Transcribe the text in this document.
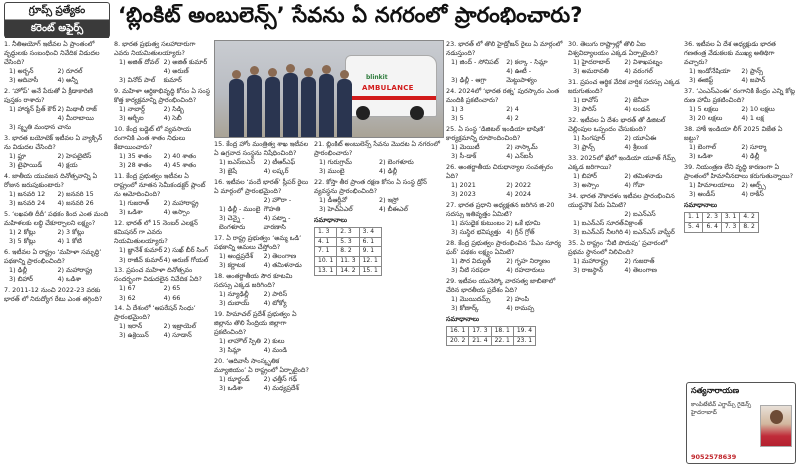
గ్రూప్స్ ప్రత్యేకం
కరెంట్ అఫైర్స్
‘బ్లింకిట్ అంబులెన్స్’ సేవను ఏ నగరంలో ప్రారంభించారు?

1. నీతిఆయోగ్ ఇటీవల ఏ ప్రాంతంలో వృద్ధులకు సంబంధించి నివేదిక విడుదల చేసింది?
1) అర్బన్	2) రూరల్3) ఆదివాసీ	4) అన్నీ

2. ‘హోప్’ అనే పేరుతో ఏ క్రీడాకారిణి పుస్తకం రాశారు?
1) హార్మన్ ప్రీత్ కౌర్2) మిథాలీ రాజ్3) స్మృతి మంధాన4) మీరాబాయి చాను

3. భారత బయోటెక్ ఇటీవల ఏ వ్యాక్సిన్ ను విడుదల చేసింది?
1) ఫ్లూ	2) హెపటైటిస్3) టైఫాయిడ్ 4) క్షయ

4. జాతీయ యువజన దినోత్సవాన్ని ఏ రోజున జరుపుకుంటారు?
1) జనవరి 12 2) జనవరి 153) జనవరి 24 4) జనవరి 26

5. ‘లఖపతి దీదీ’ పథకం కింద ఎంత మంది మహిళలకు లబ్ధి చేకూర్చాలని లక్ష్యం?
1) 2 కోట్లు	2) 3 కోట్లు3) 5 కోట్లు	4) 1 కోటి

6. ఇటీవల ఏ రాష్ట్రం ‘మహిళా సమృద్ధి’ పథకాన్ని ప్రారంభించింది?
1) ఢిల్లీ	2) మహారాష్ట్ర3) బిహార్	4) ఒడిశా

7. 2011-12 నుంచి 2022-23 వరకు భారత్ లో నిరుద్యోగ రేటు ఎంత తగ్గింది?

8. భారత ప్రభుత్వ సలహాదారుగా ఎవరు నియమితులయ్యారు?
1) అజిత్ దోవల్ 2) అజిత్ కుమార్3) వినోద్ పాల్4) అరుణ్ కుమార్

9. మహిళా ఆర్థికాభివృద్ధి కోసం ఏ సంస్థ కొత్త కార్యక్రమాన్ని ప్రారంభించింది?
1) నాబార్డ్	2) సిడ్బి3) ఆర్బీఐ	4) సెబీ

10. కేంద్ర బడ్జెట్ లో వ్యవసాయ రంగానికి ఎంత శాతం నిధులు కేటాయించారు?
1) 35 శాతం 2) 40 శాతం3) 28 శాతం 4) 45 శాతం

11. కేంద్ర ప్రభుత్వం ఇటీవల ఏ రాష్ట్రంలో నూతన సెమీకండక్టర్ ప్లాంట్ ను ఆమోదించింది?
1) గుజరాత్ 2) మహారాష్ట్ర3) ఒడిశా	4) అస్సాం

12. భారత్ లో 15 నెంబర్ ఎలక్షన్ కమిషనర్ గా ఎవరు నియమితులయ్యారు?
1) జ్ఞానేశ్ కుమార్2) సుఖ్ బీర్ సింగ్3) రాజీవ్ కుమార్4) అరుణ్ గోయల్

13. ప్రపంచ మహిళా దినోత్సవం సందర్భంగా విడుదలైన నివేదిక ఏది?
1) 67	2) 653) 62	4) 66

14. ఏ దేశంలో ‘ఆపరేషన్ సింధు’ ప్రారంభమైంది?
1) ఇరాన్	2) ఇజ్రాయెల్3) ఉక్రెయిన్ 4) సూడాన్

blinkit
AMBULANCE

15. కేంద్ర హోం మంత్రిత్వ శాఖ ఇటీవల ఏ ఉగ్రవాద సంస్థను నిషేధించింది?
1) ఐఎస్ఐఎస్ 2) టీఆర్ఎఫ్3) జైషే	4) లష్కర్

16. ఇటీవల ‘వందే భారత్’ స్లీపర్ రైలు ఏ మార్గంలో ప్రారంభమైంది?
1) ఢిల్లీ - ముంబై2) హౌరా - గౌహతి3) చెన్నై - బెంగళూరు4) పట్నా - వారణాసి

17. ఏ రాష్ట్ర ప్రభుత్వం ‘అమ్మ ఒడి’ పథకాన్ని అమలు చేస్తోంది?
1) ఆంధ్రప్రదేశ్ 2) తెలంగాణ3) కర్ణాటక	4) తమిళనాడు

18. అంతర్జాతీయ సౌర కూటమి సదస్సు ఎక్కడ జరిగింది?
1) న్యూఢిల్లీ 2) పారిస్3) దుబాయ్ 4) టోక్యో

19. హిమాచల్ ప్రదేశ్ ప్రభుత్వం ఏ జిల్లాను తొలి సేంద్రియ జిల్లాగా ప్రకటించింది?
1) లాహౌల్ స్పితి 2) కులు3) సిమ్లా	4) మండి

20. ‘ఆదివాసీ సాంస్కృతిక మ్యూజియం’ ఏ రాష్ట్రంలో ఏర్పాటైంది?
1) ఝార్ఖండ్ 2) ఛత్తీస్ గఢ్3) ఒడిశా	4) మధ్యప్రదేశ్

21. బ్లింకిట్ అంబులెన్స్ సేవను మొదట ఏ నగరంలో ప్రారంభించారు?
1) గురుగ్రామ్	2) బెంగళూరు3) ముంబై	4) ఢిల్లీ

22. కోస్తా తీర ప్రాంత రక్షణ కోసం ఏ సంస్థ డ్రోన్ వ్యవస్థను ప్రారంభించింది?
1) డీఆర్డీవో	2) ఇస్రో3) హెచ్ఏఎల్	4) బీఈఎల్

సమాధానాలు
1. 3	2. 3	3. 4
4. 1	5. 3	6. 1
7. 1	8. 2	9. 1
10. 1	11. 3	12. 1
13. 1	14. 2	15. 1

23. భారత్ లో తొలి హైడ్రోజన్ రైలు ఏ మార్గంలో నడుస్తుంది?
1) జింద్ - సోనిపట్ 2) కల్కా - సిమ్లా3) ఢిల్లీ - ఆగ్రా4) ఊటీ - మెట్టుపాళ్యం

24. 2024లో ‘భారత రత్న’ పురస్కారం ఎంత మందికి ప్రకటించారు?
1) 3	2) 43) 5	4) 2

25. ఏ సంస్థ ‘డిజిటల్ ఇండియా భాషిణి’ కార్యక్రమాన్ని రూపొందించింది?
1) మెయిటీ	2) నాస్కామ్3) సీ-డాక్	4) ఎన్ఐసీ

26. అంతర్జాతీయ చిరుధాన్యాల సంవత్సరం ఏది?
1) 2021	2) 20223) 2023	4) 2024

27. భారత ప్రధాని అధ్యక్షతన జరిగిన జి-20 సదస్సు ఇతివృత్తం ఏమిటి?
1) వసుధైక కుటుంబం 2) ఒకే భూమి3) సుస్థిర భవిష్యత్తు 4) గ్రీన్ గ్రోత్

28. కేంద్ర ప్రభుత్వం ప్రారంభించిన ‘పీఎం సూర్య ఘర్’ పథకం లక్ష్యం ఏమిటి?
1) సౌర విద్యుత్ 2) గృహ నిర్మాణం3) నీటి సరఫరా	4) రహదారులు

29. ఇటీవల యునెస్కో వారసత్వ జాబితాలో చేరిన భారతీయ ప్రదేశం ఏది?
1) మొయిదమ్స్ 2) హంపి3) కోణార్క్	4) రామప్ప

సమాధానాలు
16. 1	17. 3	18. 1	19. 4
20. 2	21. 4	22. 1	23. 1

30. తెలుగు రాష్ట్రాల్లో తొలి ఏఐ విశ్వవిద్యాలయం ఎక్కడ ఏర్పాటైంది?
1) హైదరాబాద్ 2) విశాఖపట్నం3) అమరావతి 4) వరంగల్

31. ప్రపంచ ఆర్థిక వేదిక వార్షిక సదస్సు ఎక్కడ జరుగుతుంది?
1) దావోస్	2) జెనీవా3) పారిస్	4) లండన్

32. ఇటీవల ఏ దేశం భారత్ తో డిజిటల్ చెల్లింపుల ఒప్పందం చేసుకుంది?
1) సింగపూర్	2) యూఏఈ3) ఫ్రాన్స్	4) శ్రీలంక

33. 2025లో ఖేలో ఇండియా యూత్ గేమ్స్ ఎక్కడ జరిగాయి?
1) బిహార్	2) తమిళనాడు3) అస్సాం	4) గోవా

34. భారత నౌకాదళం ఇటీవల ప్రారంభించిన యుద్ధనౌక పేరు ఏమిటి?
1) ఐఎన్ఎస్ సూరత్2) ఐఎన్ఎస్ విక్రాంత్3) ఐఎన్ఎస్ నీలగిరి4) ఐఎన్ఎస్ వాఘ్షీర్

35. ఏ రాష్ట్రం ‘నీటి పొదుపు’ ప్రచారంలో ప్రథమ స్థానంలో నిలిచింది?
1) మహారాష్ట్ర	2) గుజరాత్3) రాజస్థాన్	4) తెలంగాణ

36. ఇటీవల ఏ దేశ అధ్యక్షుడు భారత గణతంత్ర వేడుకలకు ముఖ్య అతిథిగా వచ్చారు?
1) ఇండోనేషియా 2) ఫ్రాన్స్3) ఈజిప్ట్	4) జపాన్

37. ‘ఎంఎస్ఎంఈ’ రంగానికి కేంద్రం ఎన్ని కోట్ల రుణ హామీ ప్రకటించింది?
1) 5 లక్షలు	2) 10 లక్షలు3) 20 లక్షలు	4) 1 లక్ష

38. హాకీ ఇండియా లీగ్ 2025 విజేత ఏ జట్టు?
1) బెంగాల్	2) సూర్మా3) ఒడిశా	4) ఢిల్లీ

39. నియంత్రణ లేని వృద్ధి కారణంగా ఏ ప్రాంతంలో హిమానీనదాలు కరుగుతున్నాయి?
1) హిమాలయాలు 2) ఆల్ప్స్3) ఆండీస్	4) రాకీస్

సమాధానాలు
1. 1	2. 3	3. 1	4. 2
5. 4	6. 4	7. 3	8. 2
సత్యనారాయణ
కాంపిటేటివ్ ఎగ్జామ్స్ గైడెన్స్ హైదరాబాద్
9052578639
